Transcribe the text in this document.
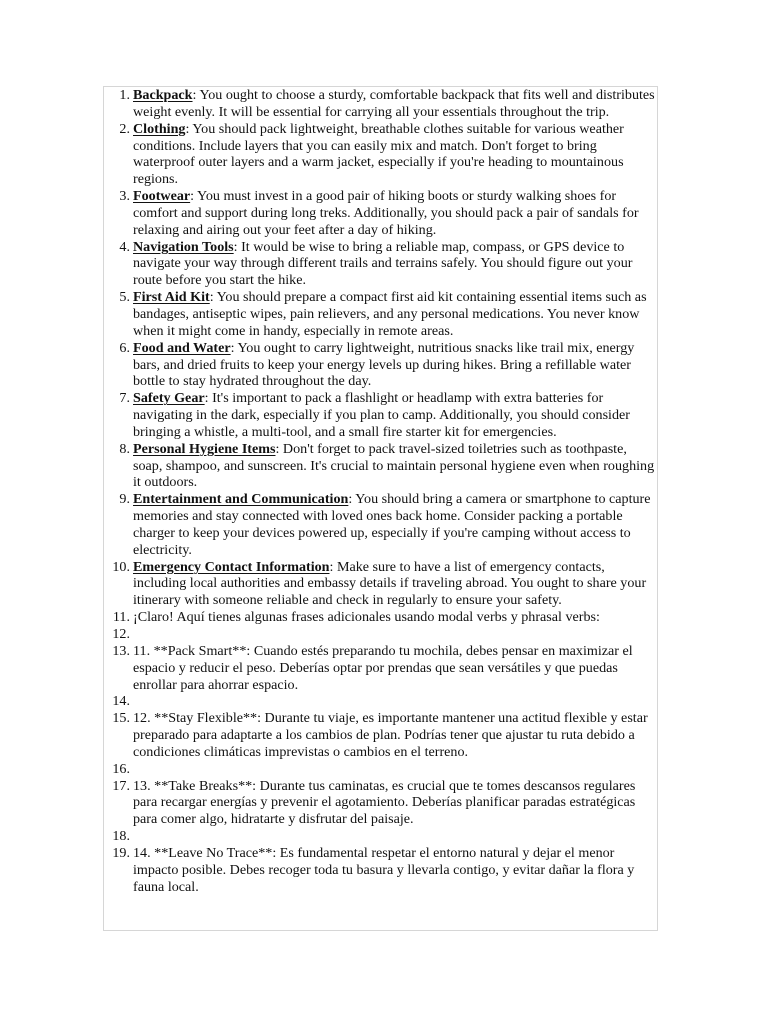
1. Backpack: You ought to choose a sturdy, comfortable backpack that fits well and distributes weight evenly. It will be essential for carrying all your essentials throughout the trip.
2. Clothing: You should pack lightweight, breathable clothes suitable for various weather conditions. Include layers that you can easily mix and match. Don't forget to bring waterproof outer layers and a warm jacket, especially if you're heading to mountainous regions.
3. Footwear: You must invest in a good pair of hiking boots or sturdy walking shoes for comfort and support during long treks. Additionally, you should pack a pair of sandals for relaxing and airing out your feet after a day of hiking.
4. Navigation Tools: It would be wise to bring a reliable map, compass, or GPS device to navigate your way through different trails and terrains safely. You should figure out your route before you start the hike.
5. First Aid Kit: You should prepare a compact first aid kit containing essential items such as bandages, antiseptic wipes, pain relievers, and any personal medications. You never know when it might come in handy, especially in remote areas.
6. Food and Water: You ought to carry lightweight, nutritious snacks like trail mix, energy bars, and dried fruits to keep your energy levels up during hikes. Bring a refillable water bottle to stay hydrated throughout the day.
7. Safety Gear: It's important to pack a flashlight or headlamp with extra batteries for navigating in the dark, especially if you plan to camp. Additionally, you should consider bringing a whistle, a multi-tool, and a small fire starter kit for emergencies.
8. Personal Hygiene Items: Don't forget to pack travel-sized toiletries such as toothpaste, soap, shampoo, and sunscreen. It's crucial to maintain personal hygiene even when roughing it outdoors.
9. Entertainment and Communication: You should bring a camera or smartphone to capture memories and stay connected with loved ones back home. Consider packing a portable charger to keep your devices powered up, especially if you're camping without access to electricity.
10. Emergency Contact Information: Make sure to have a list of emergency contacts, including local authorities and embassy details if traveling abroad. You ought to share your itinerary with someone reliable and check in regularly to ensure your safety.
11. ¡Claro! Aquí tienes algunas frases adicionales usando modal verbs y phrasal verbs:
12.
13. 11. **Pack Smart**: Cuando estés preparando tu mochila, debes pensar en maximizar el espacio y reducir el peso. Deberías optar por prendas que sean versátiles y que puedas enrollar para ahorrar espacio.
14.
15. 12. **Stay Flexible**: Durante tu viaje, es importante mantener una actitud flexible y estar preparado para adaptarte a los cambios de plan. Podrías tener que ajustar tu ruta debido a condiciones climáticas imprevistas o cambios en el terreno.
16.
17. 13. **Take Breaks**: Durante tus caminatas, es crucial que te tomes descansos regulares para recargar energías y prevenir el agotamiento. Deberías planificar paradas estratégicas para comer algo, hidratarte y disfrutar del paisaje.
18.
19. 14. **Leave No Trace**: Es fundamental respetar el entorno natural y dejar el menor impacto posible. Debes recoger toda tu basura y llevarla contigo, y evitar dañar la flora y fauna local.
